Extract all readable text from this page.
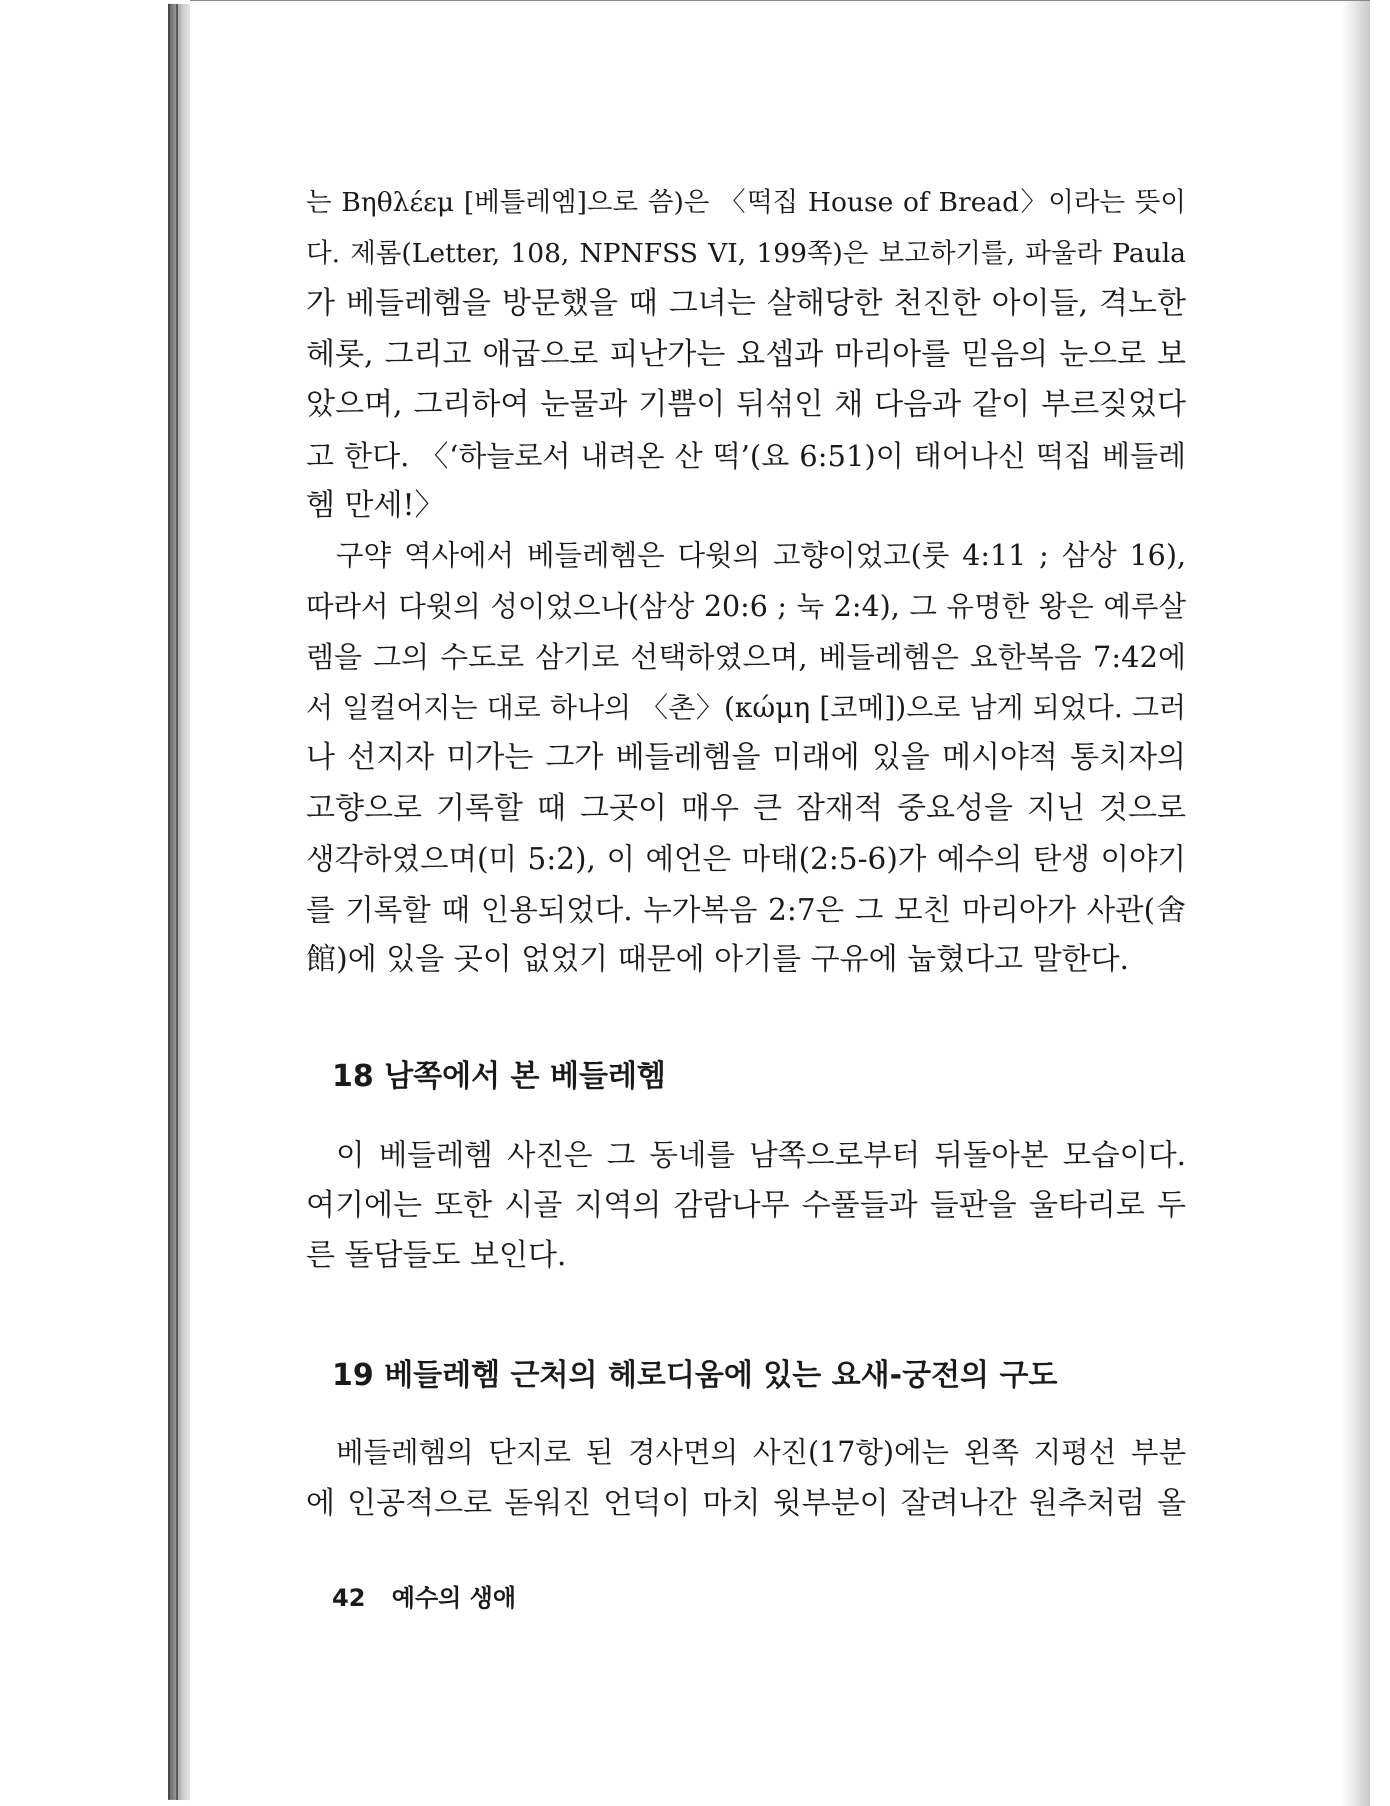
는 Βηθλέεμ [베틀레엠]으로 씀)은 〈떡집 House of Bread〉이라는 뜻이
다. 제롬(Letter, 108, NPNFSS VI, 199쪽)은 보고하기를, 파울라 Paula
가 베들레헴을 방문했을 때 그녀는 살해당한 천진한 아이들, 격노한
헤롯, 그리고 애굽으로 피난가는 요셉과 마리아를 믿음의 눈으로 보
았으며, 그리하여 눈물과 기쁨이 뒤섞인 채 다음과 같이 부르짖었다
고 한다. 〈‘하늘로서 내려온 산 떡’(요 6:51)이 태어나신 떡집 베들레
헴 만세!〉

구약 역사에서 베들레헴은 다윗의 고향이었고(룻 4:11 ; 삼상 16),
따라서 다윗의 성이었으나(삼상 20:6 ; 눅 2:4), 그 유명한 왕은 예루살
렘을 그의 수도로 삼기로 선택하였으며, 베들레헴은 요한복음 7:42에
서 일컬어지는 대로 하나의 〈촌〉(κώμη [코메])으로 남게 되었다. 그러
나 선지자 미가는 그가 베들레헴을 미래에 있을 메시야적 통치자의
고향으로 기록할 때 그곳이 매우 큰 잠재적 중요성을 지닌 것으로
생각하였으며(미 5:2), 이 예언은 마태(2:5-6)가 예수의 탄생 이야기
를 기록할 때 인용되었다. 누가복음 2:7은 그 모친 마리아가 사관(舍
館)에 있을 곳이 없었기 때문에 아기를 구유에 눕혔다고 말한다.

18 남쪽에서 본 베들레헴

이 베들레헴 사진은 그 동네를 남쪽으로부터 뒤돌아본 모습이다.
여기에는 또한 시골 지역의 감람나무 수풀들과 들판을 울타리로 두
른 돌담들도 보인다.

19 베들레헴 근처의 헤로디움에 있는 요새-궁전의 구도

베들레헴의 단지로 된 경사면의 사진(17항)에는 왼쪽 지평선 부분
에 인공적으로 돋워진 언덕이 마치 윗부분이 잘려나간 원추처럼 올

42 예수의 생애
